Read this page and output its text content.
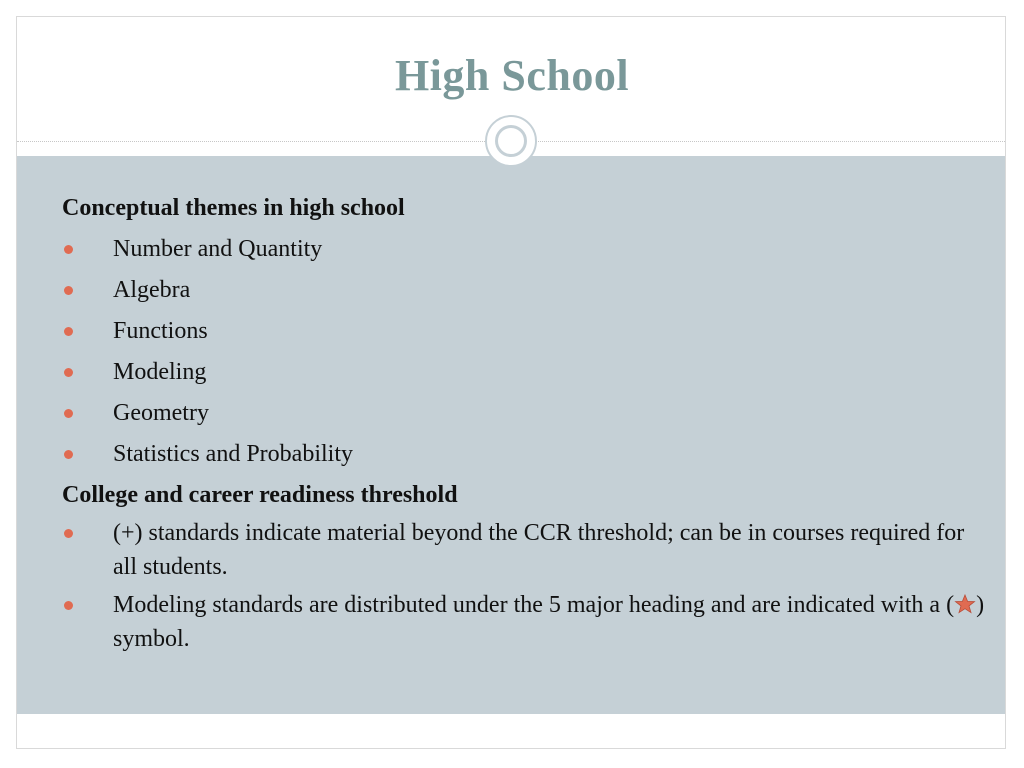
High School
Conceptual themes in high school
Number and Quantity
Algebra
Functions
Modeling
Geometry
Statistics and Probability
College and career readiness threshold
(+) standards indicate material beyond the CCR threshold; can be in courses required for all students.
Modeling standards are distributed under the 5 major heading and are indicated with a ( ) symbol.
